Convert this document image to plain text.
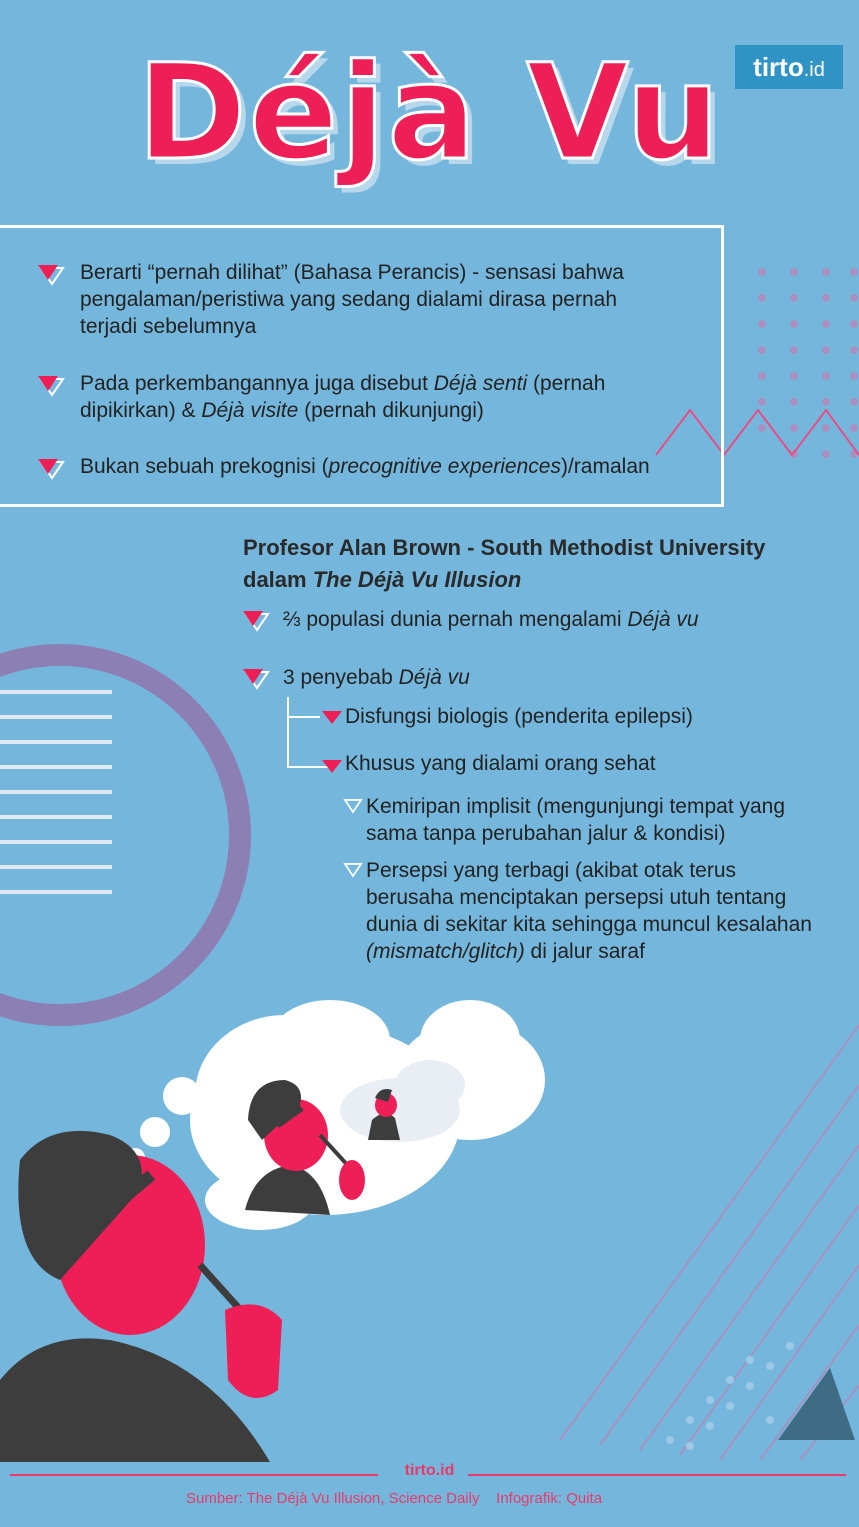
Déjà Vu	tirto.id
Berarti “pernah dilihat” (Bahasa Perancis) - sensasi bahwa
pengalaman/peristiwa yang sedang dialami dirasa pernah
terjadi sebelumnya
Pada perkembangannya juga disebut Déjà senti (pernah
dipikirkan) & Déjà visite (pernah dikunjungi)
Bukan sebuah prekognisi (precognitive experiences)/ramalan
Profesor Alan Brown - South Methodist University
dalam The Déjà Vu Illusion
⅔ populasi dunia pernah mengalami Déjà vu
3 penyebab Déjà vu
Disfungsi biologis (penderita epilepsi)
Khusus yang dialami orang sehat
Kemiripan implisit (mengunjungi tempat yang
sama tanpa perubahan jalur & kondisi)
Persepsi yang terbagi (akibat otak terus
berusaha menciptakan persepsi utuh tentang
dunia di sekitar kita sehingga muncul kesalahan
(mismatch/glitch) di jalur saraf
tirto.id
Sumber: The Déjà Vu Illusion, Science Daily Infografik: Quita
